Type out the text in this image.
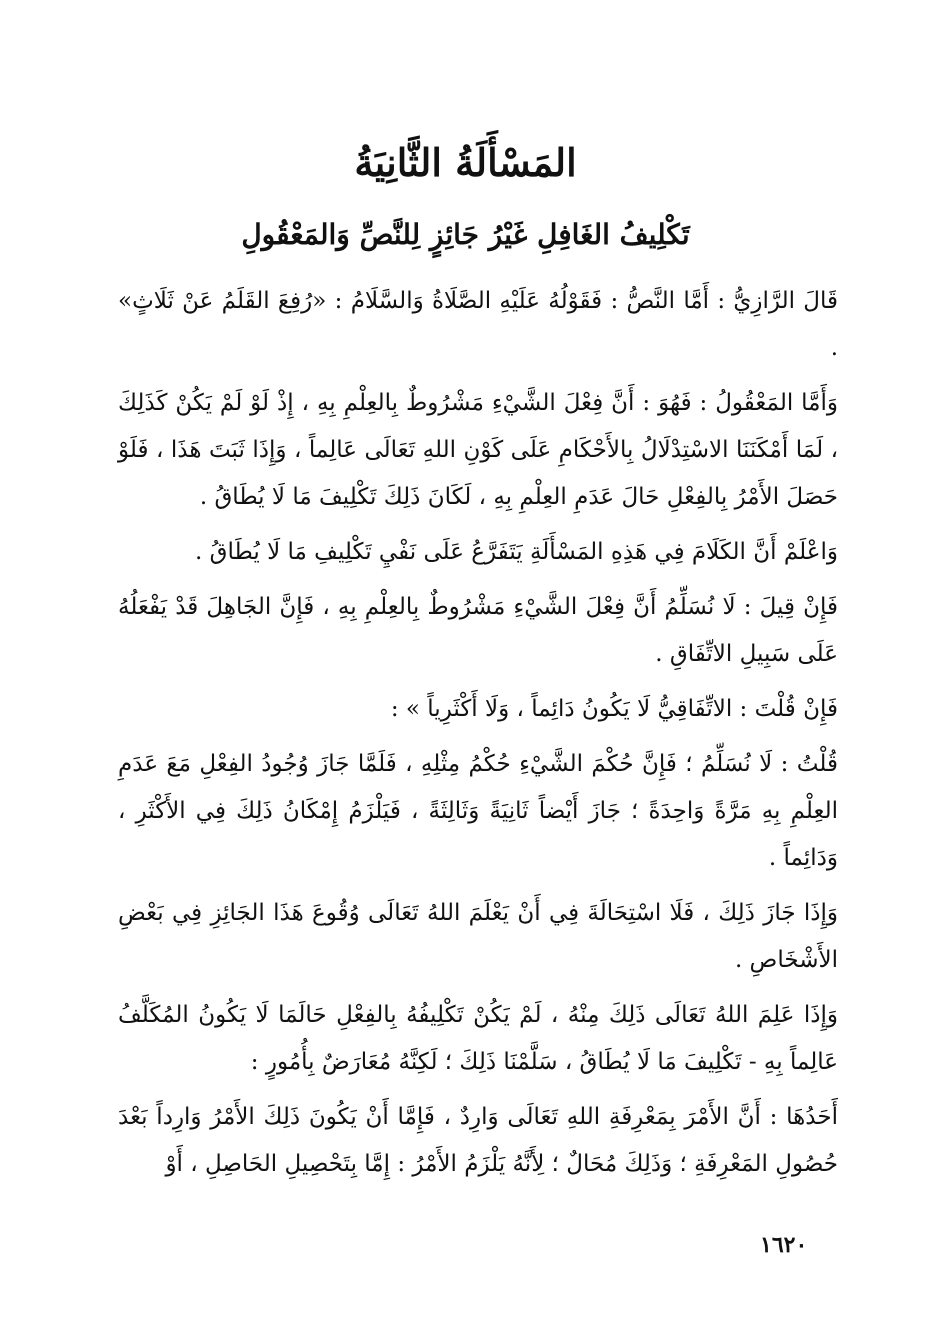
المَسْأَلَةُ الثَّانِيَةُ
تَكْلِيفُ الغَافِلِ غَيْرُ جَائِزٍ لِلنَّصِّ وَالمَعْقُولِ

قَالَ الرَّازِيُّ : أَمَّا النَّصُّ : فَقَوْلُهُ عَلَيْهِ الصَّلَاةُ وَالسَّلَامُ : «رُفِعَ القَلَمُ عَنْ ثَلَاثٍ» .

وَأَمَّا المَعْقُولُ : فَهُوَ : أَنَّ فِعْلَ الشَّيْءِ مَشْرُوطٌ بِالعِلْمِ بِهِ ، إِذْ لَوْ لَمْ يَكُنْ كَذَلِكَ ، لَمَا أَمْكَنَنَا الاسْتِدْلَالُ بِالأَحْكَامِ عَلَى كَوْنِ اللهِ تَعَالَى عَالِماً ، وَإِذَا ثَبَتَ هَذَا ، فَلَوْ حَصَلَ الأَمْرُ بِالفِعْلِ حَالَ عَدَمِ العِلْمِ بِهِ ، لَكَانَ ذَلِكَ تَكْلِيفَ مَا لَا يُطَاقُ .

وَاعْلَمْ أَنَّ الكَلَامَ فِي هَذِهِ المَسْأَلَةِ يَتَفَرَّعُ عَلَى نَفْيِ تَكْلِيفِ مَا لَا يُطَاقُ .

فَإِنْ قِيلَ : لَا نُسَلِّمُ أَنَّ فِعْلَ الشَّيْءِ مَشْرُوطٌ بِالعِلْمِ بِهِ ، فَإِنَّ الجَاهِلَ قَدْ يَفْعَلُهُ عَلَى سَبِيلِ الاتِّفَاقِ .

فَإِنْ قُلْتَ : الاتِّفَاقِيُّ لَا يَكُونُ دَائِماً ، وَلَا أَكْثَرِياً » :

قُلْتُ : لَا نُسَلِّمُ ؛ فَإِنَّ حُكْمَ الشَّيْءِ حُكْمُ مِثْلِهِ ، فَلَمَّا جَازَ وُجُودُ الفِعْلِ مَعَ عَدَمِ العِلْمِ بِهِ مَرَّةً وَاحِدَةً ؛ جَازَ أَيْضاً ثَانِيَةً وَثَالِثَةً ، فَيَلْزَمُ إِمْكَانُ ذَلِكَ فِي الأَكْثَرِ ، وَدَائِماً .

وَإِذَا جَازَ ذَلِكَ ، فَلَا اسْتِحَالَةَ فِي أَنْ يَعْلَمَ اللهُ تَعَالَى وُقُوعَ هَذَا الجَائِزِ فِي بَعْضِ الأَشْخَاصِ .

وَإِذَا عَلِمَ اللهُ تَعَالَى ذَلِكَ مِنْهُ ، لَمْ يَكُنْ تَكْلِيفُهُ بِالفِعْلِ حَالَمَا لَا يَكُونُ المُكَلَّفُ عَالِماً بِهِ - تَكْلِيفَ مَا لَا يُطَاقُ ، سَلَّمْنَا ذَلِكَ ؛ لَكِنَّهُ مُعَارَضٌ بِأُمُورٍ :

أَحَدُهَا : أَنَّ الأَمْرَ بِمَعْرِفَةِ اللهِ تَعَالَى وَارِدٌ ، فَإِمَّا أَنْ يَكُونَ ذَلِكَ الأَمْرُ وَارِداً بَعْدَ حُصُولِ المَعْرِفَةِ ؛ وَذَلِكَ مُحَالٌ ؛ لِأَنَّهُ يَلْزَمُ الأَمْرُ : إِمَّا بِتَحْصِيلِ الحَاصِلِ ، أَوْ

١٦٢٠
